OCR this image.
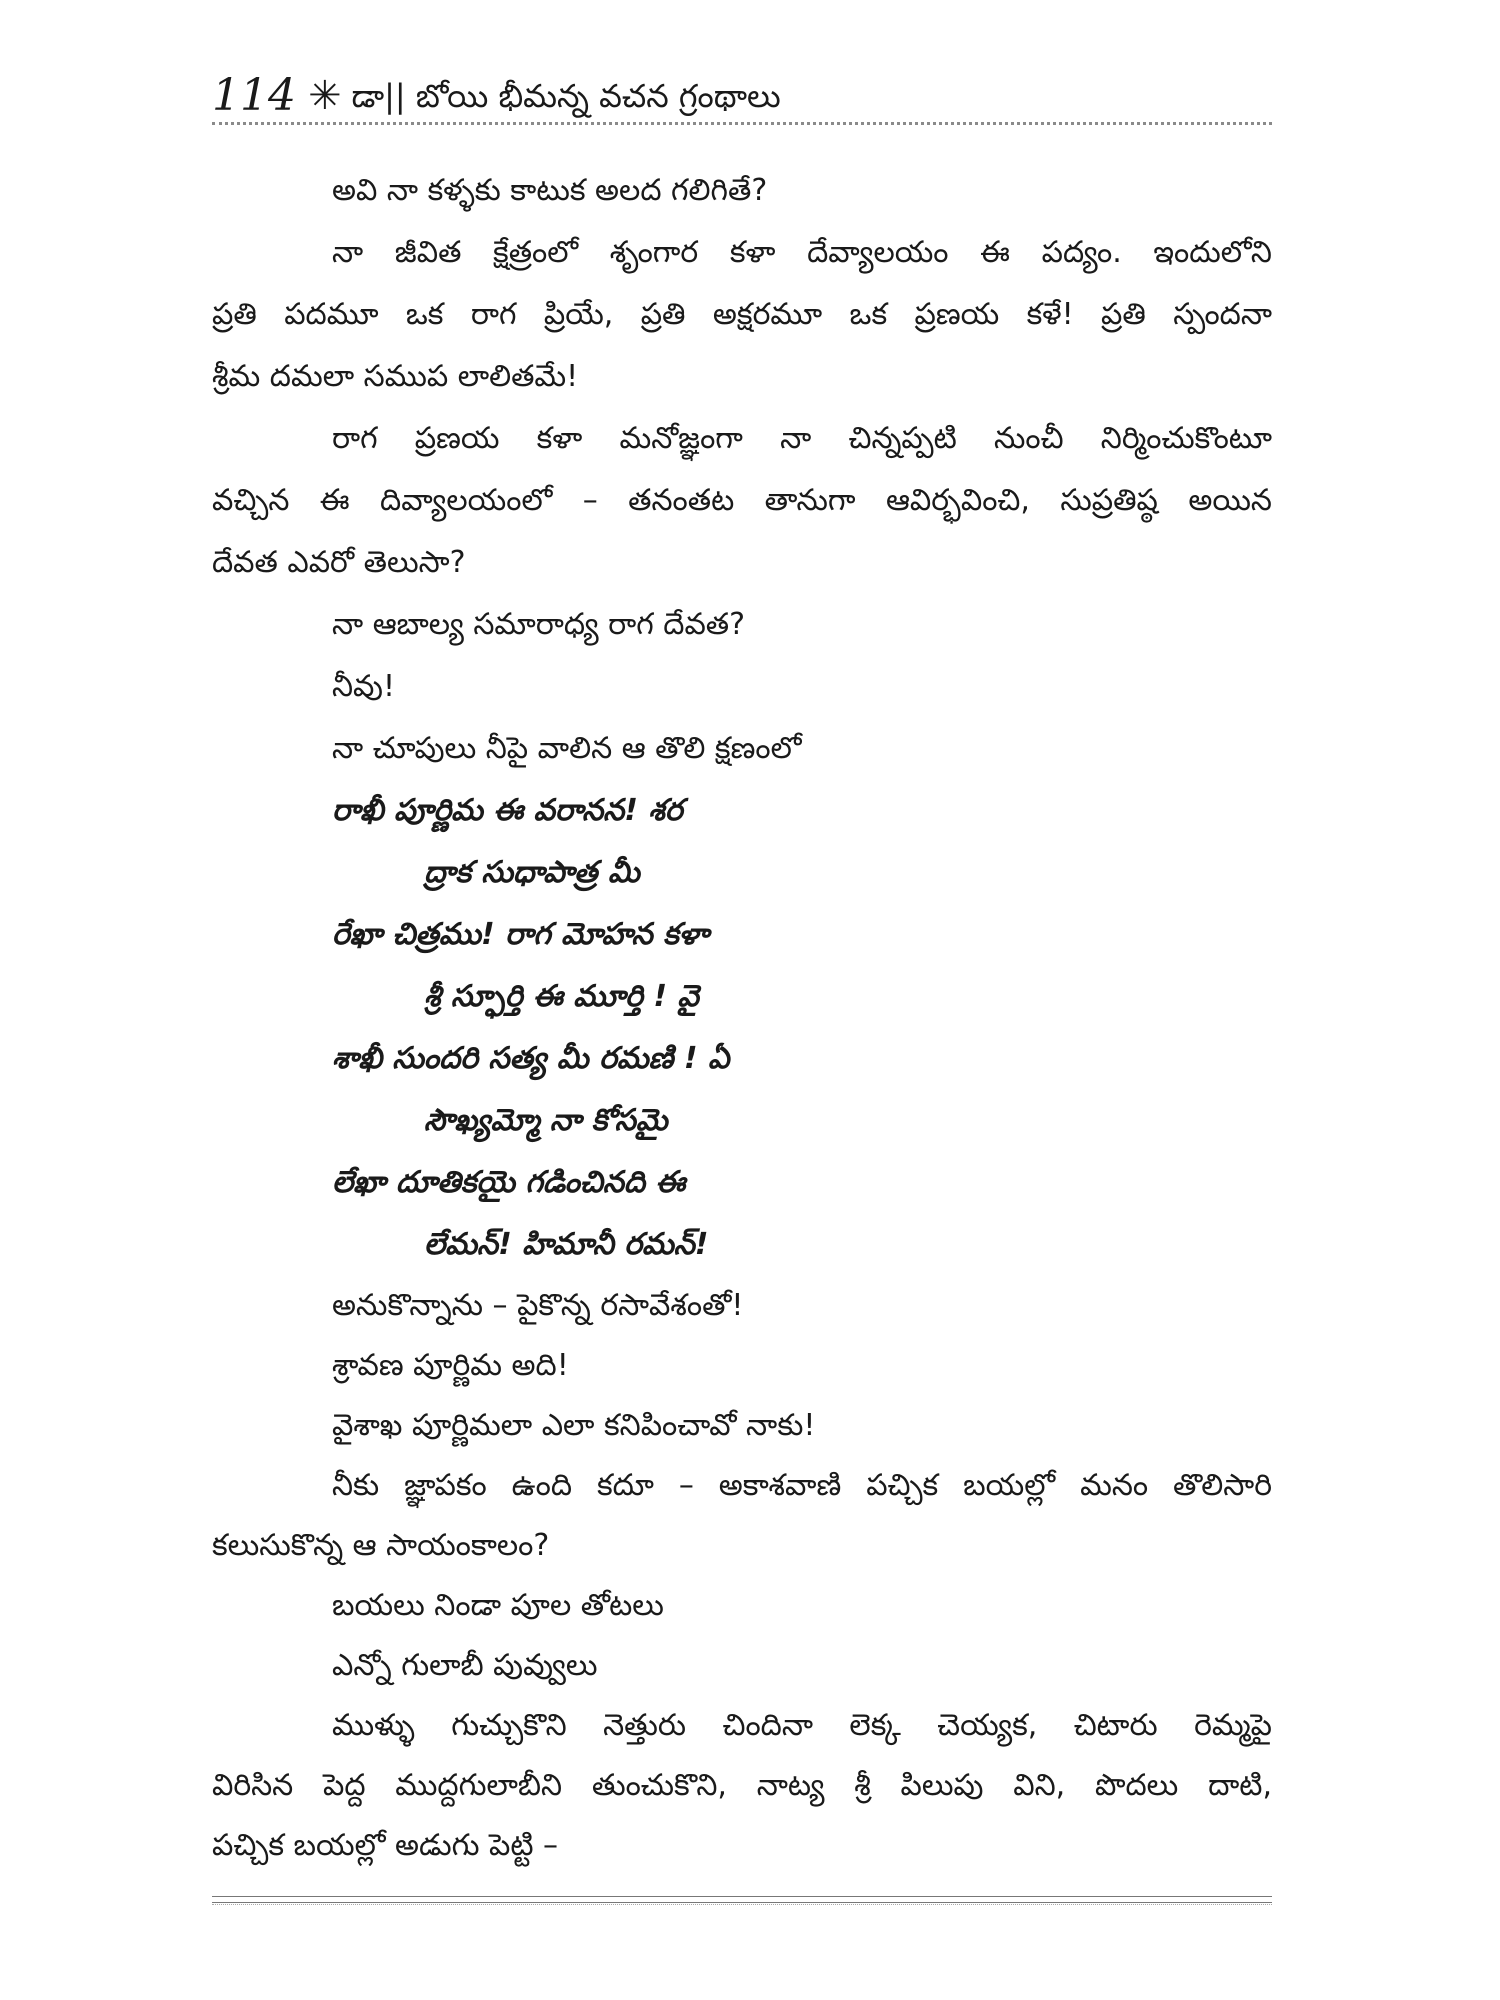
114 ✳ డా|| బోయి భీమన్న వచన గ్రంథాలు
అవి నా కళ్ళకు కాటుక అలద గలిగితే?
నా జీవిత క్షేత్రంలో శృంగార కళా దేవ్యాలయం ఈ పద్యం. ఇందులోని
ప్రతి పదమూ ఒక రాగ ప్రియే, ప్రతి అక్షరమూ ఒక ప్రణయ కళే! ప్రతి స్పందనా
శ్రీమ దమలా సముప లాలితమే!
రాగ ప్రణయ కళా మనోజ్ఞంగా నా చిన్నప్పటి నుంచీ నిర్మించుకొంటూ
వచ్చిన ఈ దివ్యాలయంలో – తనంతట తానుగా ఆవిర్భవించి, సుప్రతిష్ఠ అయిన
దేవత ఎవరో తెలుసా?
నా ఆబాల్య సమారాధ్య రాగ దేవత?
నీవు!
నా చూపులు నీపై వాలిన ఆ తొలి క్షణంలో
రాఖీ పూర్ణిమ ఈ వరానన! శర
ద్రాక సుధాపాత్ర మీ
రేఖా చిత్రము! రాగ మోహన కళా
శ్రీ స్ఫూర్తి ఈ మూర్తి ! వై
శాఖీ సుందరి సత్య మీ రమణి ! ఏ
సౌఖ్యమ్మో నా కోసమై
లేఖా దూతికయై గడించినది ఈ
లేమన్! హిమానీ రమన్!
అనుకొన్నాను – పైకొన్న రసావేశంతో!
శ్రావణ పూర్ణిమ అది!
వైశాఖ పూర్ణిమలా ఎలా కనిపించావో నాకు!
నీకు జ్ఞాపకం ఉంది కదూ – అకాశవాణి పచ్చిక బయల్లో మనం తొలిసారి
కలుసుకొన్న ఆ సాయంకాలం?
బయలు నిండా పూల తోటలు
ఎన్నో గులాబీ పువ్వులు
ముళ్ళు గుచ్చుకొని నెత్తురు చిందినా లెక్క చెయ్యక, చిటారు రెమ్మపై
విరిసిన పెద్ద ముద్దగులాబీని తుంచుకొని, నాట్య శ్రీ పిలుపు విని, పొదలు దాటి,
పచ్చిక బయల్లో అడుగు పెట్టి –
